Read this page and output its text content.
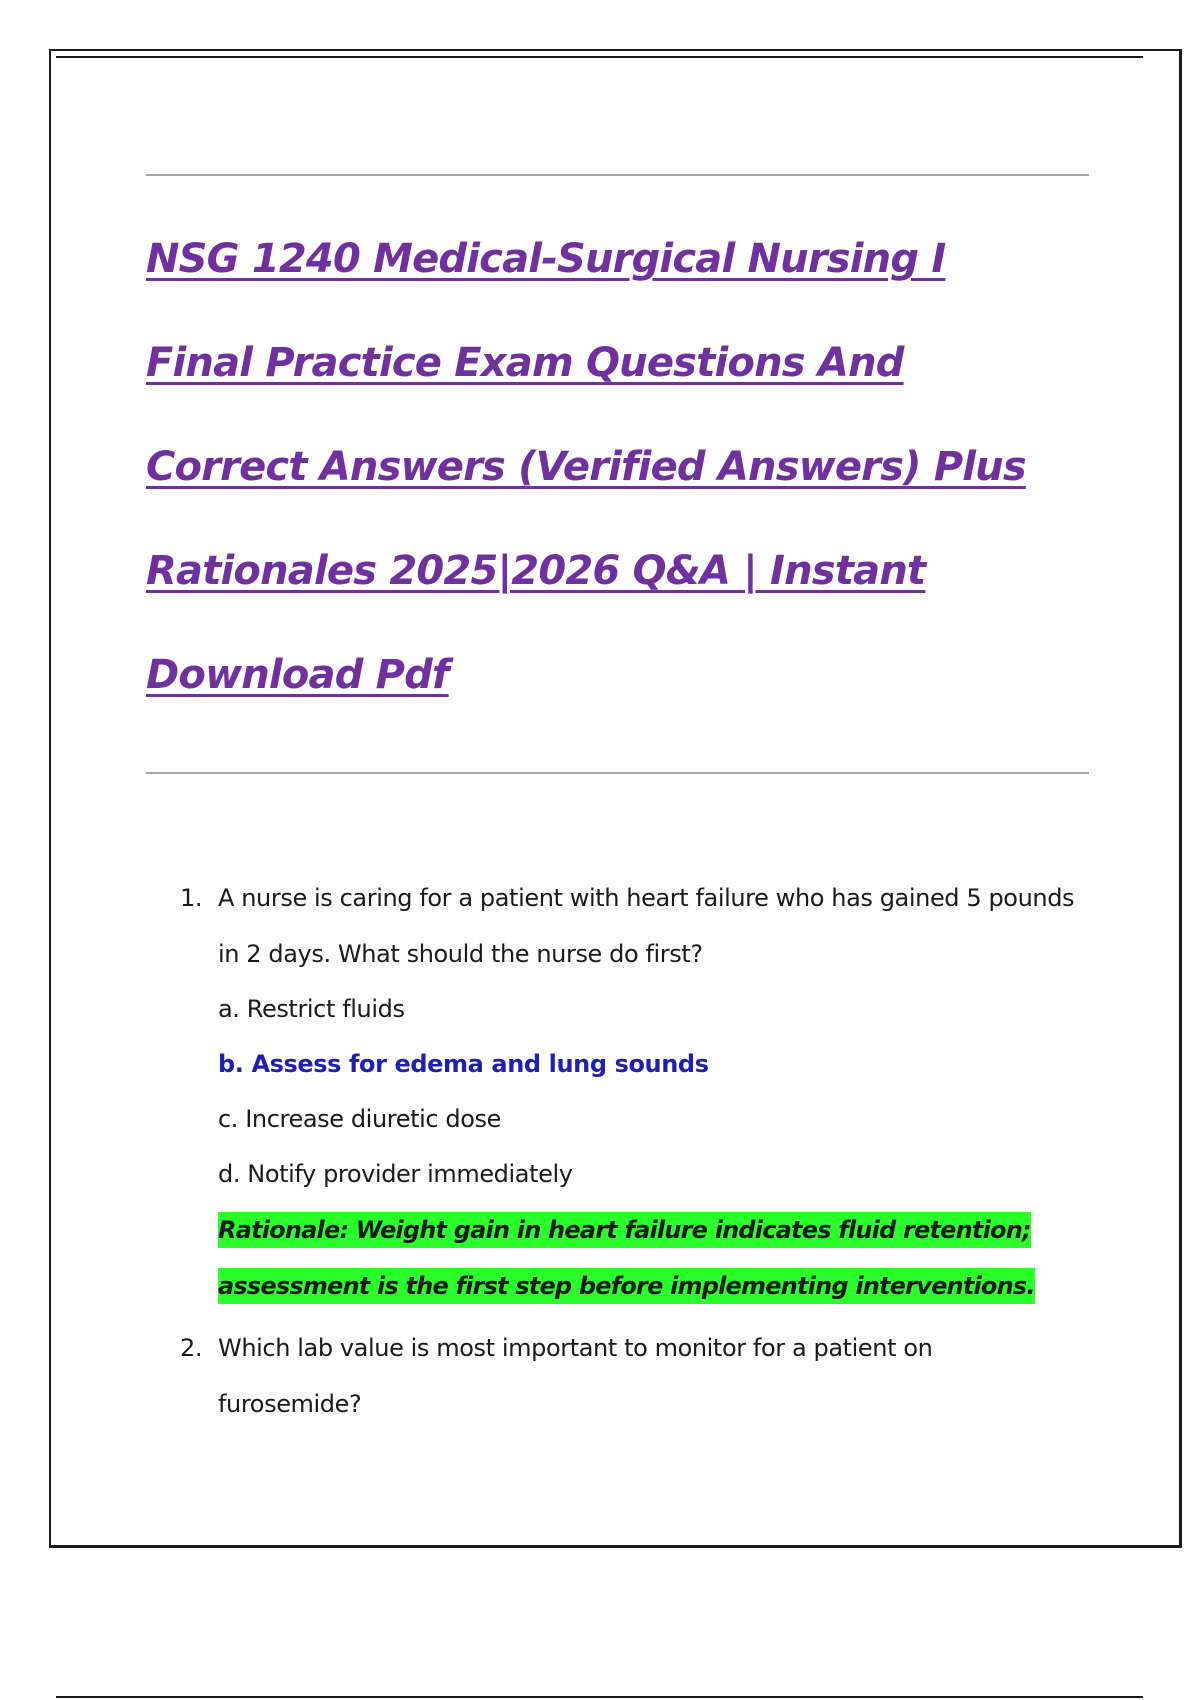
NSG 1240 Medical-Surgical Nursing I
Final Practice Exam Questions And
Correct Answers (Verified Answers) Plus
Rationales 2025|2026 Q&A | Instant
Download Pdf
1. A nurse is caring for a patient with heart failure who has gained 5 pounds in 2 days. What should the nurse do first?
a. Restrict fluids
b. Assess for edema and lung sounds
c. Increase diuretic dose
d. Notify provider immediately
Rationale: Weight gain in heart failure indicates fluid retention; assessment is the first step before implementing interventions.
2. Which lab value is most important to monitor for a patient on furosemide?
